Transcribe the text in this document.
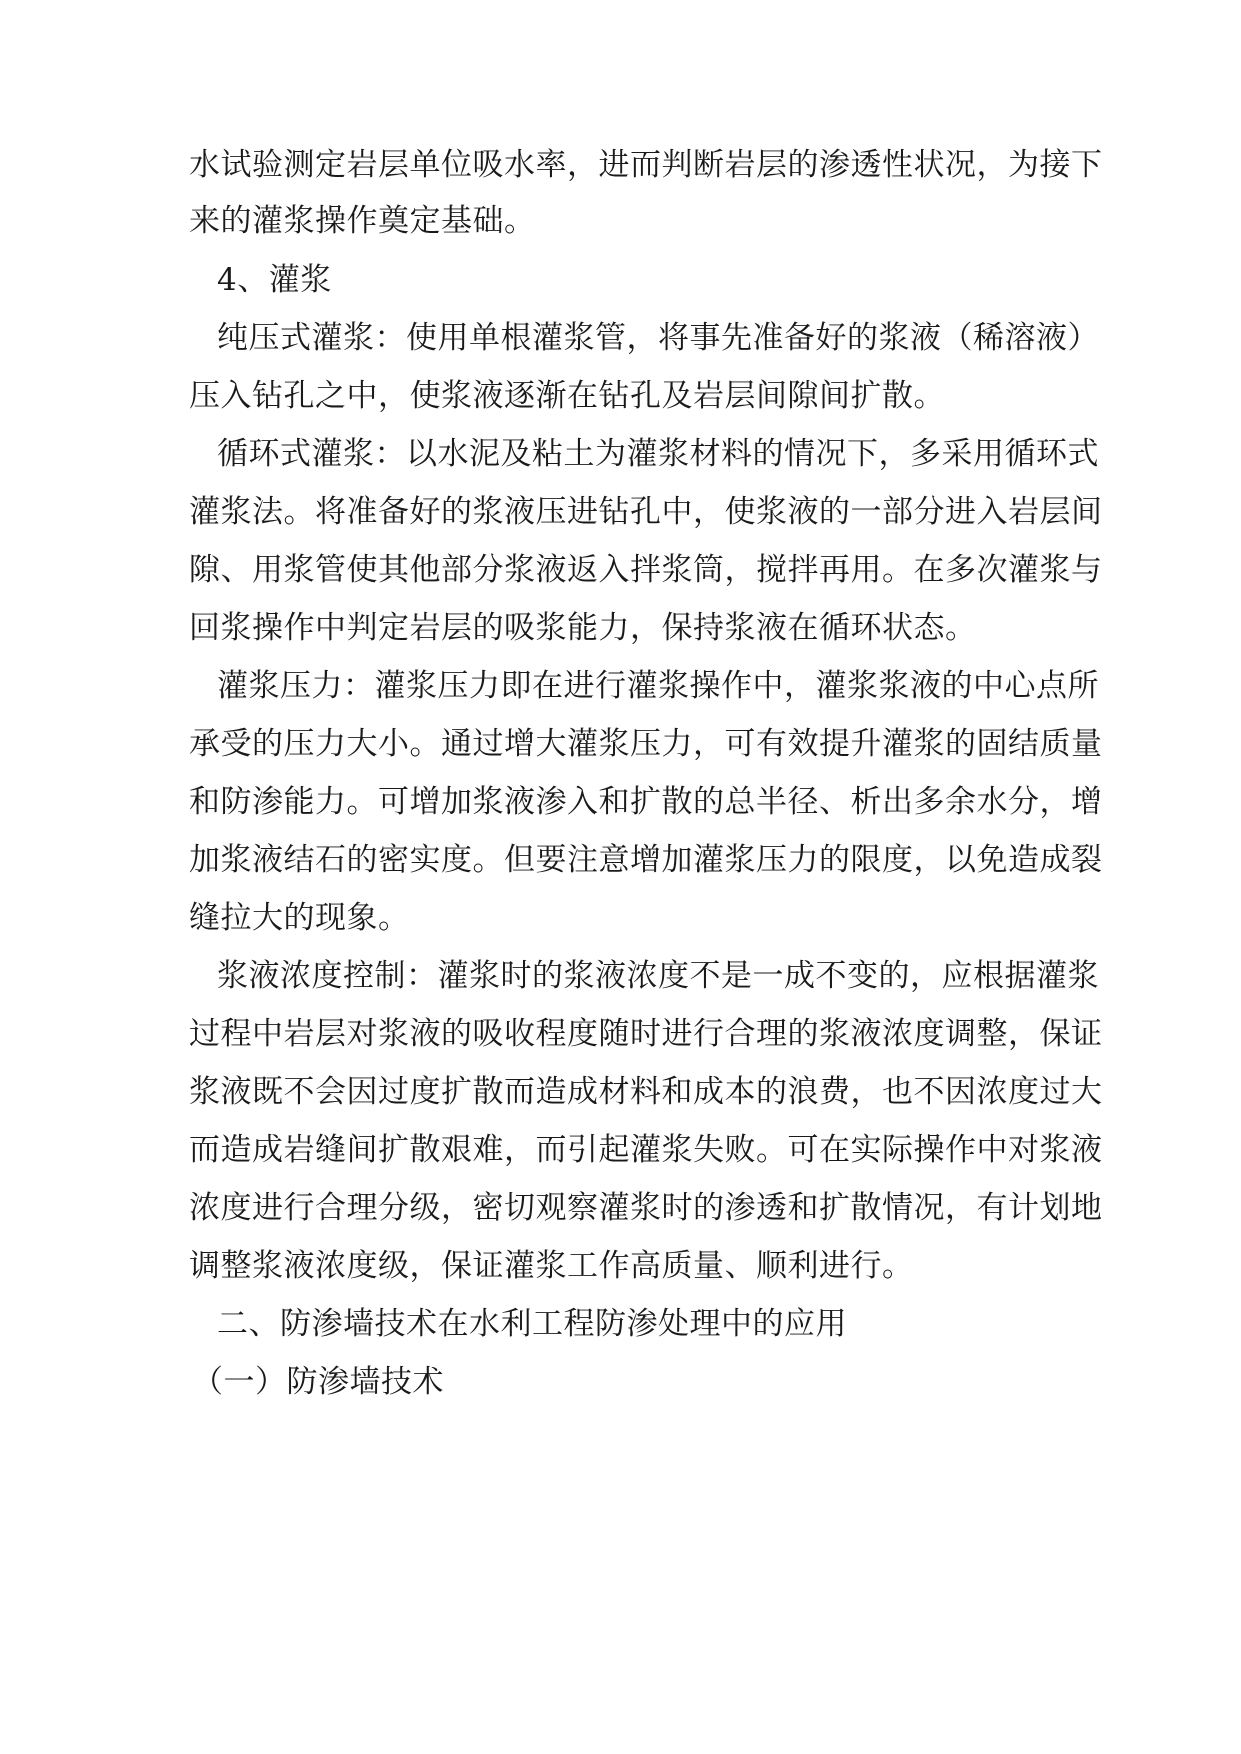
水试验测定岩层单位吸水率，进而判断岩层的渗透性状况，为接下
来的灌浆操作奠定基础。
4、灌浆
纯压式灌浆：使用单根灌浆管，将事先准备好的浆液（稀溶液）
压入钻孔之中，使浆液逐渐在钻孔及岩层间隙间扩散。
循环式灌浆：以水泥及粘土为灌浆材料的情况下，多采用循环式
灌浆法。将准备好的浆液压进钻孔中，使浆液的一部分进入岩层间
隙、用浆管使其他部分浆液返入拌浆筒，搅拌再用。在多次灌浆与
回浆操作中判定岩层的吸浆能力，保持浆液在循环状态。
灌浆压力：灌浆压力即在进行灌浆操作中，灌浆浆液的中心点所
承受的压力大小。通过增大灌浆压力，可有效提升灌浆的固结质量
和防渗能力。可增加浆液渗入和扩散的总半径、析出多余水分，增
加浆液结石的密实度。但要注意增加灌浆压力的限度，以免造成裂
缝拉大的现象。
浆液浓度控制：灌浆时的浆液浓度不是一成不变的，应根据灌浆
过程中岩层对浆液的吸收程度随时进行合理的浆液浓度调整，保证
浆液既不会因过度扩散而造成材料和成本的浪费，也不因浓度过大
而造成岩缝间扩散艰难，而引起灌浆失败。可在实际操作中对浆液
浓度进行合理分级，密切观察灌浆时的渗透和扩散情况，有计划地
调整浆液浓度级，保证灌浆工作高质量、顺利进行。
二、防渗墙技术在水利工程防渗处理中的应用
（一）防渗墙技术
